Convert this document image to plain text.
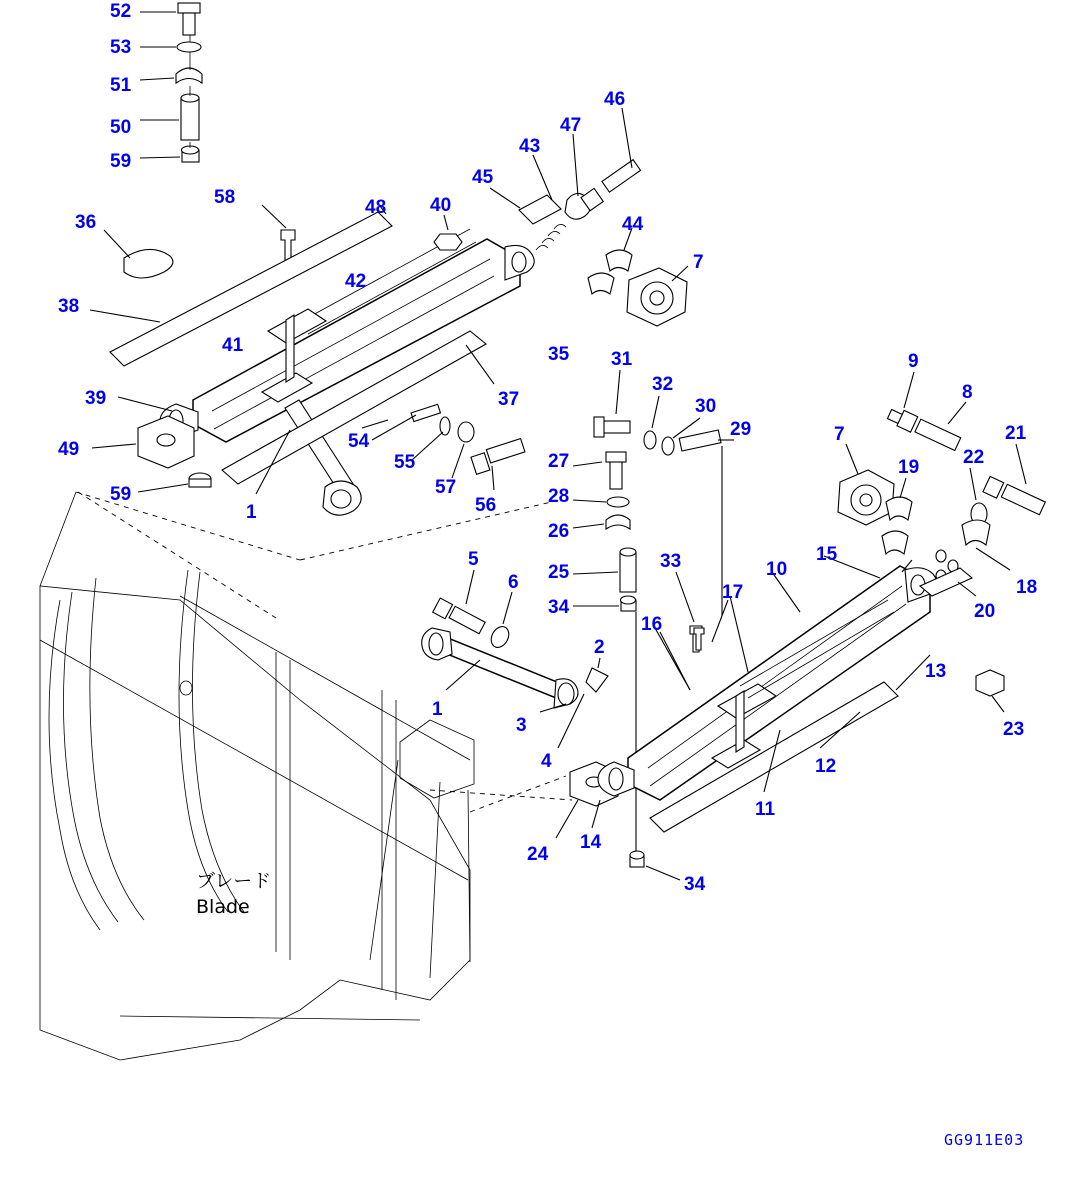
52
53
51
50
59
46
47
43
45
44
40
48
58
36
7
42
38
35
41
31
32
9
8
37	30
39
29	7	21
54
49
27	19 22
55
57
56	28
18
59
1
26
20
25
5	15
6
33	10
17
34
16
2
13
23
1
3
12
4
11
24
14
34
ブレード
Blade
GG911E03
